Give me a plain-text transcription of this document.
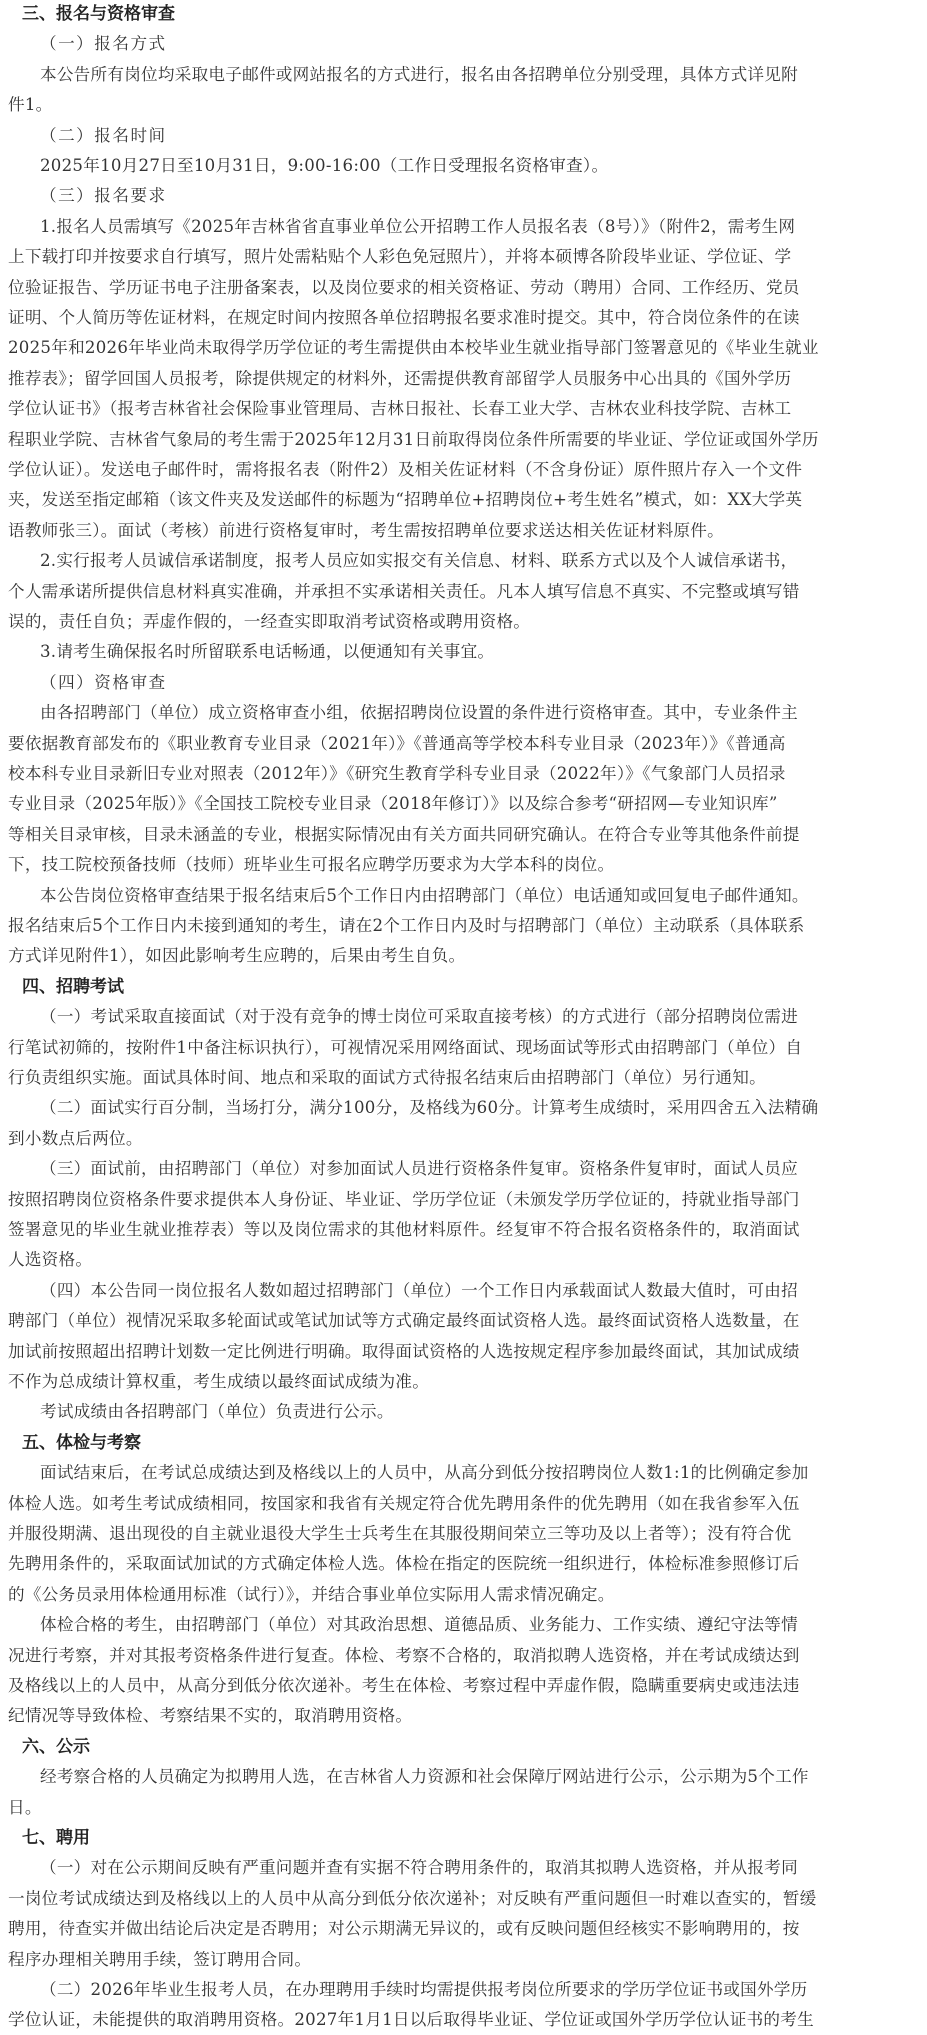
三、报名与资格审查
（一）报名方式
本公告所有岗位均采取电子邮件或网站报名的方式进行，报名由各招聘单位分别受理，具体方式详见附
件1。
（二）报名时间
2025年10月27日至10月31日，9:00-16:00（工作日受理报名资格审查）。
（三）报名要求
1.报名人员需填写《2025年吉林省省直事业单位公开招聘工作人员报名表（8号）》（附件2，需考生网
上下载打印并按要求自行填写，照片处需粘贴个人彩色免冠照片），并将本硕博各阶段毕业证、学位证、学
位验证报告、学历证书电子注册备案表，以及岗位要求的相关资格证、劳动（聘用）合同、工作经历、党员
证明、个人简历等佐证材料，在规定时间内按照各单位招聘报名要求准时提交。其中，符合岗位条件的在读
2025年和2026年毕业尚未取得学历学位证的考生需提供由本校毕业生就业指导部门签署意见的《毕业生就业
推荐表》；留学回国人员报考，除提供规定的材料外，还需提供教育部留学人员服务中心出具的《国外学历
学位认证书》（报考吉林省社会保险事业管理局、吉林日报社、长春工业大学、吉林农业科技学院、吉林工
程职业学院、吉林省气象局的考生需于2025年12月31日前取得岗位条件所需要的毕业证、学位证或国外学历
学位认证）。发送电子邮件时，需将报名表（附件2）及相关佐证材料（不含身份证）原件照片存入一个文件
夹，发送至指定邮箱（该文件夹及发送邮件的标题为“招聘单位+招聘岗位+考生姓名”模式，如：XX大学英
语教师张三）。面试（考核）前进行资格复审时，考生需按招聘单位要求送达相关佐证材料原件。
2.实行报考人员诚信承诺制度，报考人员应如实报交有关信息、材料、联系方式以及个人诚信承诺书，
个人需承诺所提供信息材料真实准确，并承担不实承诺相关责任。凡本人填写信息不真实、不完整或填写错
误的，责任自负；弄虚作假的，一经查实即取消考试资格或聘用资格。
3.请考生确保报名时所留联系电话畅通，以便通知有关事宜。
（四）资格审查
由各招聘部门（单位）成立资格审查小组，依据招聘岗位设置的条件进行资格审查。其中，专业条件主
要依据教育部发布的《职业教育专业目录（2021年）》《普通高等学校本科专业目录（2023年）》《普通高
校本科专业目录新旧专业对照表（2012年）》《研究生教育学科专业目录（2022年）》《气象部门人员招录
专业目录（2025年版）》《全国技工院校专业目录（2018年修订）》以及综合参考“研招网—专业知识库”
等相关目录审核，目录未涵盖的专业，根据实际情况由有关方面共同研究确认。在符合专业等其他条件前提
下，技工院校预备技师（技师）班毕业生可报名应聘学历要求为大学本科的岗位。
本公告岗位资格审查结果于报名结束后5个工作日内由招聘部门（单位）电话通知或回复电子邮件通知。
报名结束后5个工作日内未接到通知的考生，请在2个工作日内及时与招聘部门（单位）主动联系（具体联系
方式详见附件1），如因此影响考生应聘的，后果由考生自负。
四、招聘考试
（一）考试采取直接面试（对于没有竞争的博士岗位可采取直接考核）的方式进行（部分招聘岗位需进
行笔试初筛的，按附件1中备注标识执行），可视情况采用网络面试、现场面试等形式由招聘部门（单位）自
行负责组织实施。面试具体时间、地点和采取的面试方式待报名结束后由招聘部门（单位）另行通知。
（二）面试实行百分制，当场打分，满分100分，及格线为60分。计算考生成绩时，采用四舍五入法精确
到小数点后两位。
（三）面试前，由招聘部门（单位）对参加面试人员进行资格条件复审。资格条件复审时，面试人员应
按照招聘岗位资格条件要求提供本人身份证、毕业证、学历学位证（未颁发学历学位证的，持就业指导部门
签署意见的毕业生就业推荐表）等以及岗位需求的其他材料原件。经复审不符合报名资格条件的，取消面试
人选资格。
（四）本公告同一岗位报名人数如超过招聘部门（单位）一个工作日内承载面试人数最大值时，可由招
聘部门（单位）视情况采取多轮面试或笔试加试等方式确定最终面试资格人选。最终面试资格人选数量，在
加试前按照超出招聘计划数一定比例进行明确。取得面试资格的人选按规定程序参加最终面试，其加试成绩
不作为总成绩计算权重，考生成绩以最终面试成绩为准。
考试成绩由各招聘部门（单位）负责进行公示。
五、体检与考察
面试结束后，在考试总成绩达到及格线以上的人员中，从高分到低分按招聘岗位人数1:1的比例确定参加
体检人选。如考生考试成绩相同，按国家和我省有关规定符合优先聘用条件的优先聘用（如在我省参军入伍
并服役期满、退出现役的自主就业退役大学生士兵考生在其服役期间荣立三等功及以上者等）；没有符合优
先聘用条件的，采取面试加试的方式确定体检人选。体检在指定的医院统一组织进行，体检标准参照修订后
的《公务员录用体检通用标准（试行）》，并结合事业单位实际用人需求情况确定。
体检合格的考生，由招聘部门（单位）对其政治思想、道德品质、业务能力、工作实绩、遵纪守法等情
况进行考察，并对其报考资格条件进行复查。体检、考察不合格的，取消拟聘人选资格，并在考试成绩达到
及格线以上的人员中，从高分到低分依次递补。考生在体检、考察过程中弄虚作假，隐瞒重要病史或违法违
纪情况等导致体检、考察结果不实的，取消聘用资格。
六、公示
经考察合格的人员确定为拟聘用人选，在吉林省人力资源和社会保障厅网站进行公示，公示期为5个工作
日。
七、聘用
（一）对在公示期间反映有严重问题并查有实据不符合聘用条件的，取消其拟聘人选资格，并从报考同
一岗位考试成绩达到及格线以上的人员中从高分到低分依次递补；对反映有严重问题但一时难以查实的，暂缓
聘用，待查实并做出结论后决定是否聘用；对公示期满无异议的，或有反映问题但经核实不影响聘用的，按
程序办理相关聘用手续，签订聘用合同。
（二）2026年毕业生报考人员，在办理聘用手续时均需提供报考岗位所要求的学历学位证书或国外学历
学位认证，未能提供的取消聘用资格。2027年1月1日以后取得毕业证、学位证或国外学历学位认证书的考生
